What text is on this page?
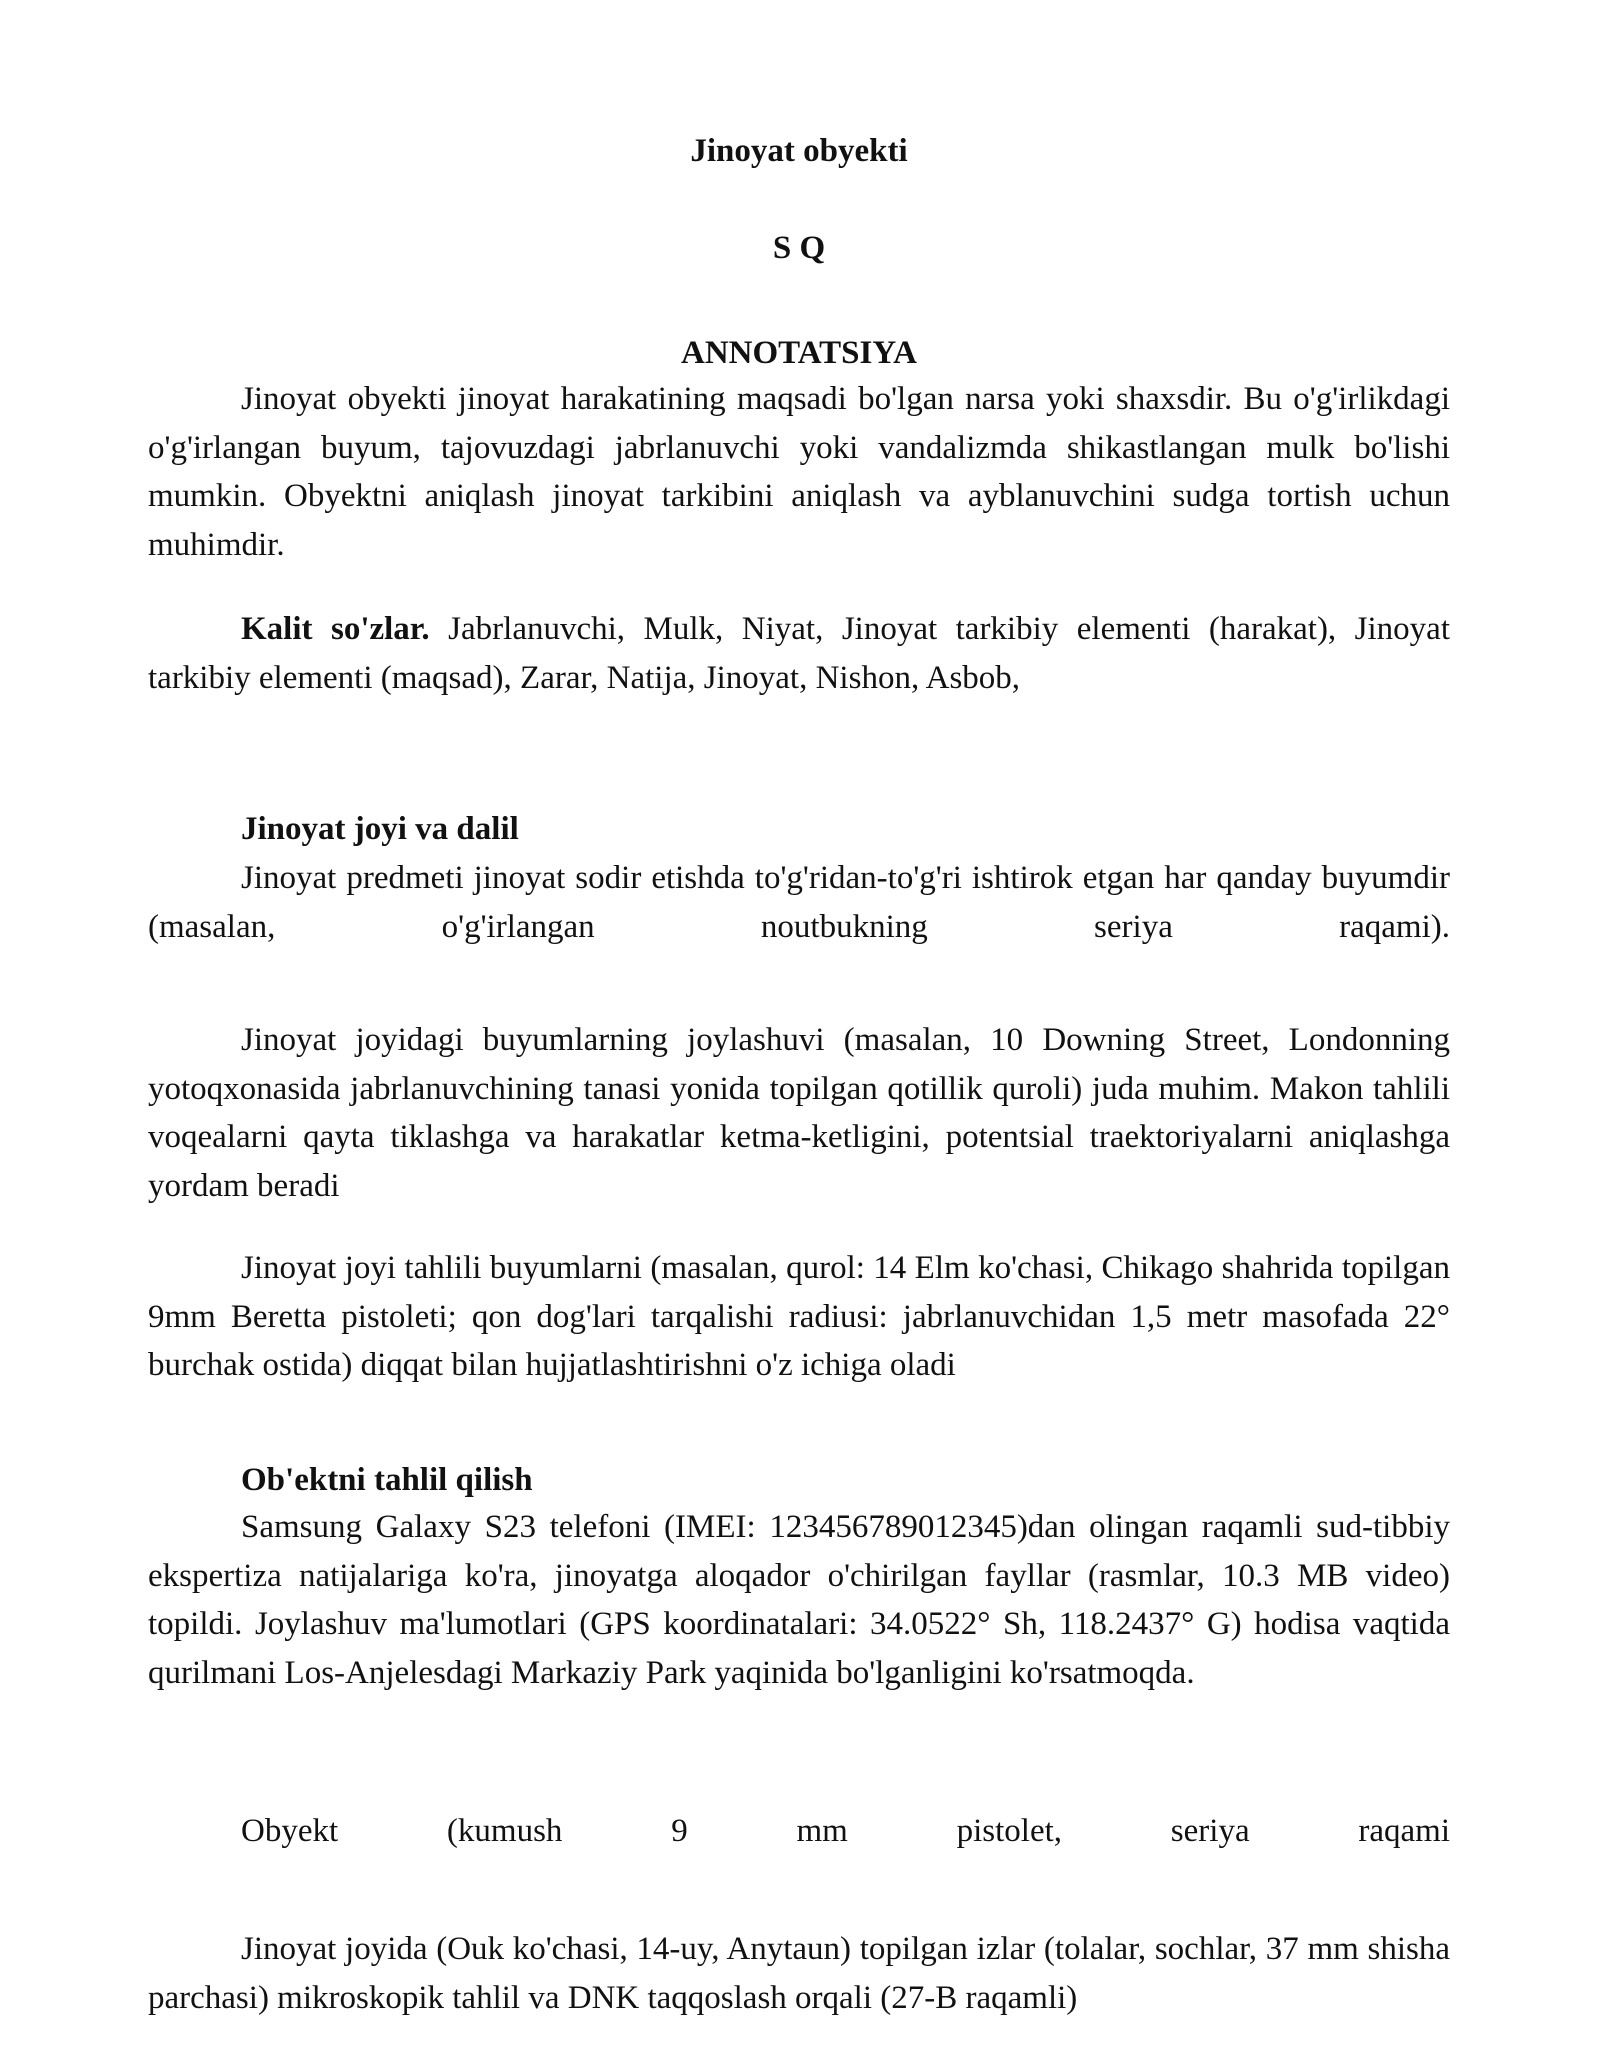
Jinoyat obyekti
S Q
ANNOTATSIYA

Jinoyat obyekti jinoyat harakatining maqsadi bo'lgan narsa yoki shaxsdir. Bu o'g'irlikdagi o'g'irlangan buyum, tajovuzdagi jabrlanuvchi yoki vandalizmda shikastlangan mulk bo'lishi mumkin. Obyektni aniqlash jinoyat tarkibini aniqlash va ayblanuvchini sudga tortish uchun muhimdir.

Kalit so'zlar. Jabrlanuvchi, Mulk, Niyat, Jinoyat tarkibiy elementi (harakat), Jinoyat tarkibiy elementi (maqsad), Zarar, Natija, Jinoyat, Nishon, Asbob,

Jinoyat joyi va dalil

Jinoyat predmeti jinoyat sodir etishda to'g'ridan-to'g'ri ishtirok etgan har qanday buyumdir (masalan, o'g'irlangan noutbukning seriya raqami).

Jinoyat joyidagi buyumlarning joylashuvi (masalan, 10 Downing Street, Londonning yotoqxonasida jabrlanuvchining tanasi yonida topilgan qotillik quroli) juda muhim. Makon tahlili voqealarni qayta tiklashga va harakatlar ketma-ketligini, potentsial traektoriyalarni aniqlashga yordam beradi

Jinoyat joyi tahlili buyumlarni (masalan, qurol: 14 Elm ko'chasi, Chikago shahrida topilgan 9mm Beretta pistoleti; qon dog'lari tarqalishi radiusi: jabrlanuvchidan 1,5 metr masofada 22° burchak ostida) diqqat bilan hujjatlashtirishni o'z ichiga oladi

Ob'ektni tahlil qilish

Samsung Galaxy S23 telefoni (IMEI: 123456789012345)dan olingan raqamli sud-tibbiy ekspertiza natijalariga ko'ra, jinoyatga aloqador o'chirilgan fayllar (rasmlar, 10.3 MB video) topildi. Joylashuv ma'lumotlari (GPS koordinatalari: 34.0522° Sh, 118.2437° G) hodisa vaqtida qurilmani Los-Anjelesdagi Markaziy Park yaqinida bo'lganligini ko'rsatmoqda.

Obyekt (kumush 9 mm pistolet, seriya raqami

Jinoyat joyida (Ouk ko'chasi, 14-uy, Anytaun) topilgan izlar (tolalar, sochlar, 37 mm shisha parchasi) mikroskopik tahlil va DNK taqqoslash orqali (27-B raqamli)
